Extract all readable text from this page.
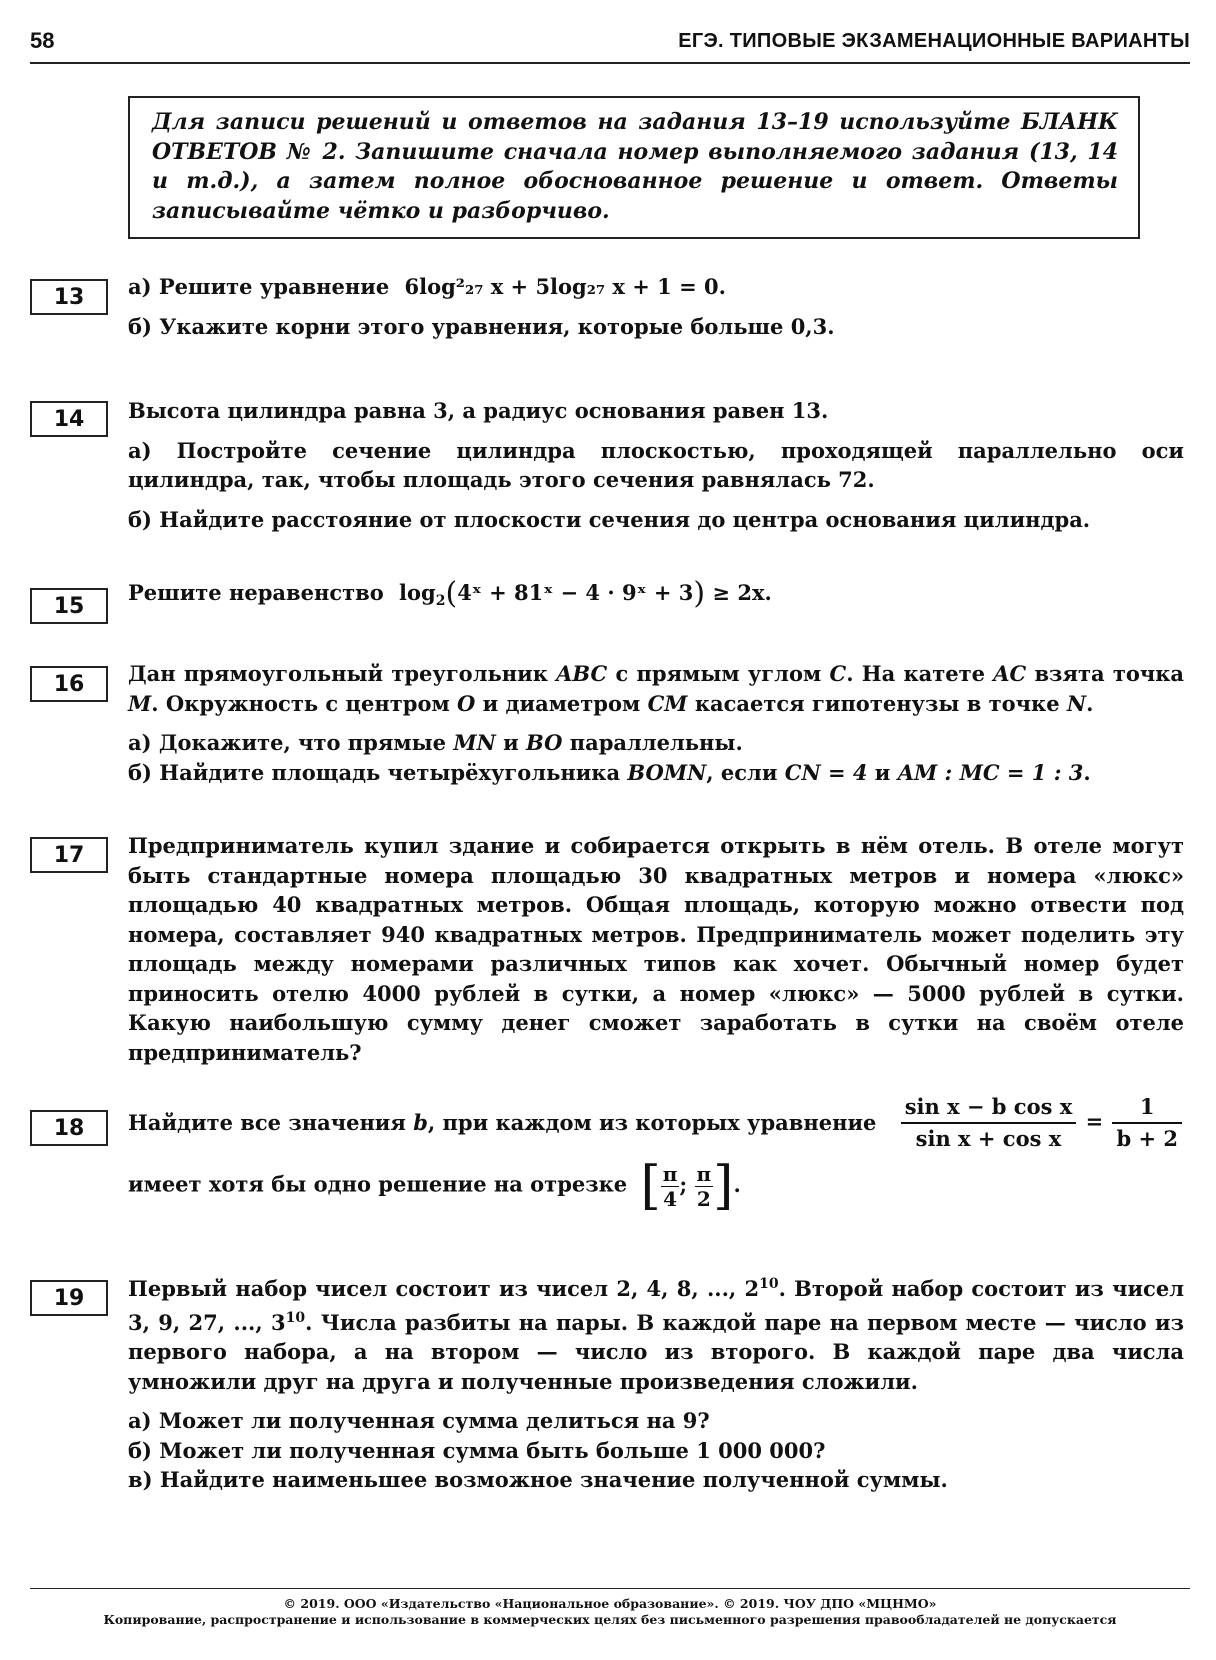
58	ЕГЭ. ТИПОВЫЕ ЭКЗАМЕНАЦИОННЫЕ ВАРИАНТЫ
Для записи решений и ответов на задания 13–19 используйте БЛАНК ОТВЕТОВ № 2. Запишите сначала номер выполняемого задания (13, 14 и т.д.), а затем полное обоснованное решение и ответ. Ответы записывайте чётко и разборчиво.
13	а) Решите уравнение 6log²₂₇ x + 5log₂₇ x + 1 = 0.

б) Укажите корни этого уравнения, которые больше 0,3.

14	Высота цилиндра равна 3, а радиус основания равен 13.

а) Постройте сечение цилиндра плоскостью, проходящей параллельно оси цилиндра, так, чтобы площадь этого сечения равнялась 72.

б) Найдите расстояние от плоскости сечения до центра основания цилиндра.

15

Решите неравенство $\log_2(4ˣ$ + 81ˣ − 4 · 9ˣ + 3) ≥ 2x.

16	Дан прямоугольный треугольник ABC с прямым углом C. На катете AC взята точка M. Окружность с центром O и диаметром CM касается гипотенузы в точке N.

а) Докажите, что прямые MN и BO параллельны.

б) Найдите площадь четырёхугольника BOMN, если CN = 4 и AM : MC = 1 : 3.

17	Предприниматель купил здание и собирается открыть в нём отель. В отеле могут быть стандартные номера площадью 30 квадратных метров и номера «люкс» площадью 40 квадратных метров. Общая площадь, которую можно отвести под номера, составляет 940 квадратных метров. Предприниматель может поделить эту площадь между номерами различных типов как хочет. Обычный номер будет приносить отелю 4000 рублей в сутки, а номер «люкс» — 5000 рублей в сутки. Какую наибольшую сумму денег сможет заработать в сутки на своём отеле предприниматель?

18	Найдите все значения b, при каждом из которых уравнение $\frac{\text{sin x − b cos x}}{\text{sin x + cos x}} = \frac{1}{b + 2}$

имеет хотя бы одно решение на отрезке [ $\frac{\pi}{4}$ ; $\frac{\pi}{2}$ ].

19	Первый набор чисел состоит из чисел 2, 4, 8, ..., $2^{10}$. Второй набор состоит из чисел 3, 9, 27, ..., $3^{10}$. Числа разбиты на пары. В каждой паре на первом месте — число из первого набора, а на втором — число из второго. В каждой паре два числа умножили друг на друга и полученные произведения сложили.

а) Может ли полученная сумма делиться на 9?

б) Может ли полученная сумма быть больше 1 000 000?

в) Найдите наименьшее возможное значение полученной суммы.

© 2019. ООО «Издательство «Национальное образование». © 2019. ЧОУ ДПО «МЦНМО»
Копирование, распространение и использование в коммерческих целях без письменного разрешения правообладателей не допускается
